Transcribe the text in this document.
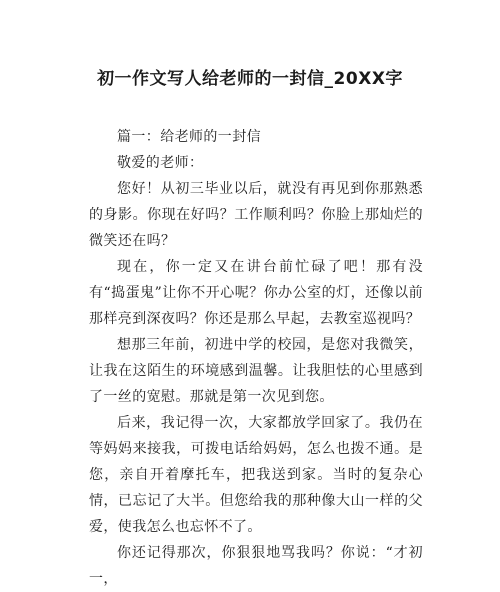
初一作文写人给老师的一封信_20XX字

篇一：给老师的一封信

敬爱的老师：

您好！从初三毕业以后，就没有再见到你那熟悉的身影。你现在好吗？工作顺利吗？你脸上那灿烂的微笑还在吗？

现在，你一定又在讲台前忙碌了吧！那有没有“捣蛋鬼”让你不开心呢？你办公室的灯，还像以前那样亮到深夜吗？你还是那么早起，去教室巡视吗？

想那三年前，初进中学的校园，是您对我微笑，让我在这陌生的环境感到温馨。让我胆怯的心里感到了一丝的宽慰。那就是第一次见到您。

后来，我记得一次，大家都放学回家了。我仍在等妈妈来接我，可拨电话给妈妈，怎么也拨不通。是您，亲自开着摩托车，把我送到家。当时的复杂心情，已忘记了大半。但您给我的那种像大山一样的父爱，使我怎么也忘怀不了。

你还记得那次，你狠狠地骂我吗？你说：“才初一，
